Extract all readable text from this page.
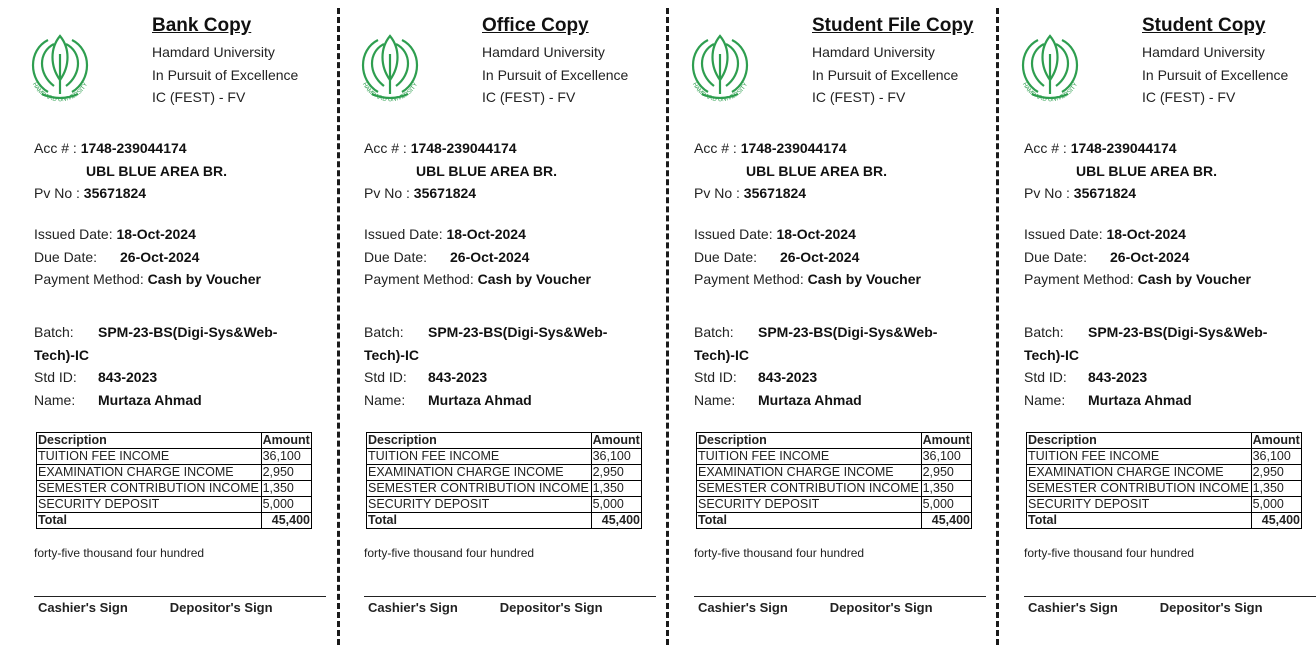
HAMDARD UNIVERSITY
Bank Copy
Hamdard University
In Pursuit of Excellence
IC (FEST) - FV
Acc # : 1748-239044174
UBL BLUE AREA BR.
Pv No : 35671824
Issued Date: 18-Oct-2024
Due Date: 26-Oct-2024
Payment Method: Cash by Voucher
Batch: SPM-23-BS(Digi-Sys&Web-
Tech)-IC
Std ID: 843-2023
Name: Murtaza Ahmad
Description	Amount
TUITION FEE INCOME	36,100
EXAMINATION CHARGE INCOME	2,950
SEMESTER CONTRIBUTION INCOME	1,350
SECURITY DEPOSIT	5,000
Total	45,400
forty-five thousand four hundred
Cashier's Sign	Depositor's Sign
HAMDARD UNIVERSITY
Office Copy
Hamdard University
In Pursuit of Excellence
IC (FEST) - FV
Acc # : 1748-239044174
UBL BLUE AREA BR.
Pv No : 35671824
Issued Date: 18-Oct-2024
Due Date: 26-Oct-2024
Payment Method: Cash by Voucher
Batch: SPM-23-BS(Digi-Sys&Web-
Tech)-IC
Std ID: 843-2023
Name: Murtaza Ahmad
Description	Amount
TUITION FEE INCOME	36,100
EXAMINATION CHARGE INCOME	2,950
SEMESTER CONTRIBUTION INCOME	1,350
SECURITY DEPOSIT	5,000
Total	45,400
forty-five thousand four hundred
Cashier's Sign	Depositor's Sign
HAMDARD UNIVERSITY
Student File Copy
Hamdard University
In Pursuit of Excellence
IC (FEST) - FV
Acc # : 1748-239044174
UBL BLUE AREA BR.
Pv No : 35671824
Issued Date: 18-Oct-2024
Due Date: 26-Oct-2024
Payment Method: Cash by Voucher
Batch: SPM-23-BS(Digi-Sys&Web-
Tech)-IC
Std ID: 843-2023
Name: Murtaza Ahmad
Description	Amount
TUITION FEE INCOME	36,100
EXAMINATION CHARGE INCOME	2,950
SEMESTER CONTRIBUTION INCOME	1,350
SECURITY DEPOSIT	5,000
Total	45,400
forty-five thousand four hundred
Cashier's Sign	Depositor's Sign
HAMDARD UNIVERSITY
Student Copy
Hamdard University
In Pursuit of Excellence
IC (FEST) - FV
Acc # : 1748-239044174
UBL BLUE AREA BR.
Pv No : 35671824
Issued Date: 18-Oct-2024
Due Date: 26-Oct-2024
Payment Method: Cash by Voucher
Batch: SPM-23-BS(Digi-Sys&Web-
Tech)-IC
Std ID: 843-2023
Name: Murtaza Ahmad
Description	Amount
TUITION FEE INCOME	36,100
EXAMINATION CHARGE INCOME	2,950
SEMESTER CONTRIBUTION INCOME	1,350
SECURITY DEPOSIT	5,000
Total	45,400
forty-five thousand four hundred
Cashier's Sign	Depositor's Sign
